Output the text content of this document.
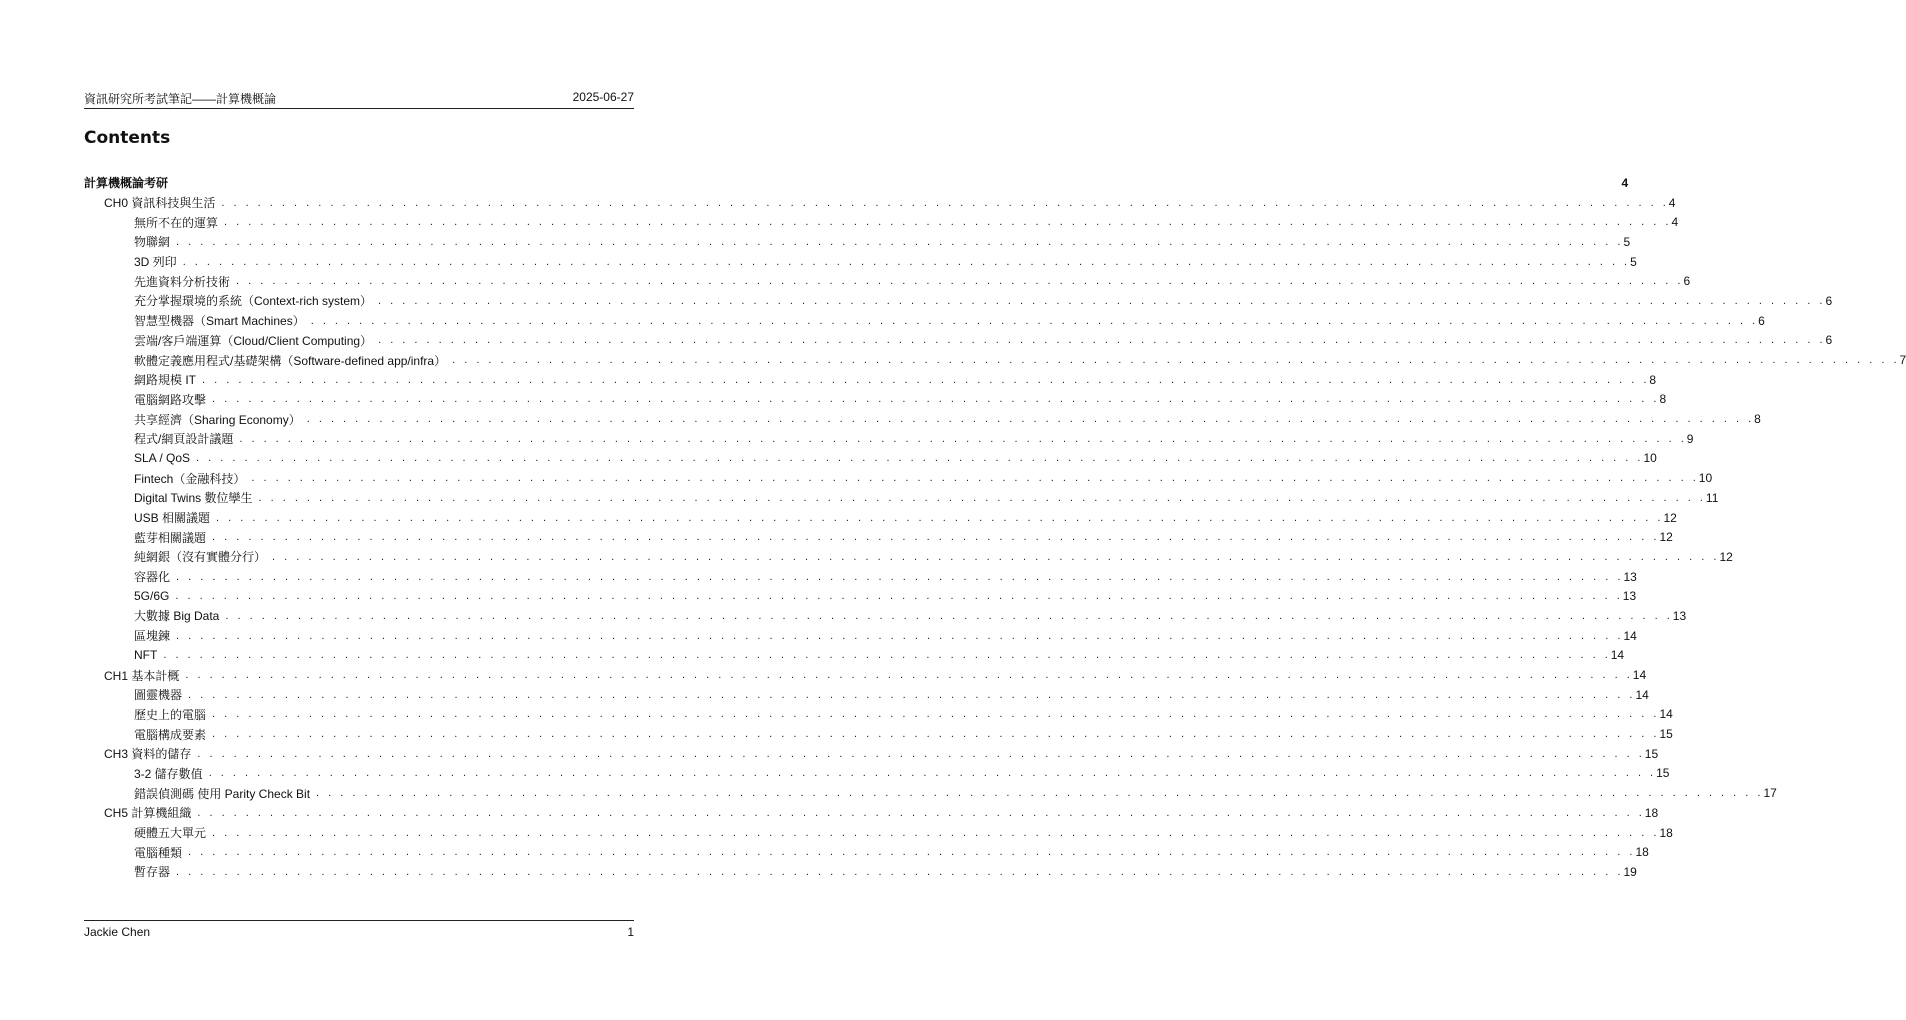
資訊研究所考試筆記——計算機概論	2025-06-27
Contents
計算機概論考研	4
CH0 資訊科技與生活 . . . . . . . . . . . . . . . . . . . . . . . . . . . . . . . . . . . . . . . . . . . . . . . . . . . . . . . . . . . . . . . . . . . . . . . . . . . . . . . . . . . . . . . . . . . . . . . . . . . . . . . . . . . . . . . . . . . . . . . . 4
無所不在的運算 . . . . . . . . . . . . . . . . . . . . . . . . . . . . . . . . . . . . . . . . . . . . . . . . . . . . . . . . . . . . . . . . . . . . . . . . . . . . . . . . . . . . . . . . . . . . . . . . . . . . . . . . . . . . . . . . . . . . . . . . 4
物聯網 . . . . . . . . . . . . . . . . . . . . . . . . . . . . . . . . . . . . . . . . . . . . . . . . . . . . . . . . . . . . . . . . . . . . . . . . . . . . . . . . . . . . . . . . . . . . . . . . . . . . . . . . . . . . . . . . . . . . . . . . 5
3D 列印 . . . . . . . . . . . . . . . . . . . . . . . . . . . . . . . . . . . . . . . . . . . . . . . . . . . . . . . . . . . . . . . . . . . . . . . . . . . . . . . . . . . . . . . . . . . . . . . . . . . . . . . . . . . . . . . . . . . . . . . . 5
先進資料分析技術 . . . . . . . . . . . . . . . . . . . . . . . . . . . . . . . . . . . . . . . . . . . . . . . . . . . . . . . . . . . . . . . . . . . . . . . . . . . . . . . . . . . . . . . . . . . . . . . . . . . . . . . . . . . . . . . . . . . . . . . . 6
充分掌握環境的系統（Context-rich system） . . . . . . . . . . . . . . . . . . . . . . . . . . . . . . . . . . . . . . . . . . . . . . . . . . . . . . . . . . . . . . . . . . . . . . . . . . . . . . . . . . . . . . . . . . . . . . . . . . . . . . . . . . . . . . . . . . . . . . . . 6
智慧型機器（Smart Machines） . . . . . . . . . . . . . . . . . . . . . . . . . . . . . . . . . . . . . . . . . . . . . . . . . . . . . . . . . . . . . . . . . . . . . . . . . . . . . . . . . . . . . . . . . . . . . . . . . . . . . . . . . . . . . . . . . . . . . . . . 6
雲端/客戶端運算（Cloud/Client Computing） . . . . . . . . . . . . . . . . . . . . . . . . . . . . . . . . . . . . . . . . . . . . . . . . . . . . . . . . . . . . . . . . . . . . . . . . . . . . . . . . . . . . . . . . . . . . . . . . . . . . . . . . . . . . . . . . . . . . . . . . 6
軟體定義應用程式/基礎架構（Software-defined app/infra） . . . . . . . . . . . . . . . . . . . . . . . . . . . . . . . . . . . . . . . . . . . . . . . . . . . . . . . . . . . . . . . . . . . . . . . . . . . . . . . . . . . . . . . . . . . . . . . . . . . . . . . . . . . . . . . . . . . . . . . . 7
網路規模 IT . . . . . . . . . . . . . . . . . . . . . . . . . . . . . . . . . . . . . . . . . . . . . . . . . . . . . . . . . . . . . . . . . . . . . . . . . . . . . . . . . . . . . . . . . . . . . . . . . . . . . . . . . . . . . . . . . . . . . . . . 8
電腦網路攻擊 . . . . . . . . . . . . . . . . . . . . . . . . . . . . . . . . . . . . . . . . . . . . . . . . . . . . . . . . . . . . . . . . . . . . . . . . . . . . . . . . . . . . . . . . . . . . . . . . . . . . . . . . . . . . . . . . . . . . . . . . 8
共享經濟（Sharing Economy） . . . . . . . . . . . . . . . . . . . . . . . . . . . . . . . . . . . . . . . . . . . . . . . . . . . . . . . . . . . . . . . . . . . . . . . . . . . . . . . . . . . . . . . . . . . . . . . . . . . . . . . . . . . . . . . . . . . . . . . . 8
程式/網頁設計議題 . . . . . . . . . . . . . . . . . . . . . . . . . . . . . . . . . . . . . . . . . . . . . . . . . . . . . . . . . . . . . . . . . . . . . . . . . . . . . . . . . . . . . . . . . . . . . . . . . . . . . . . . . . . . . . . . . . . . . . . . 9
SLA / QoS . . . . . . . . . . . . . . . . . . . . . . . . . . . . . . . . . . . . . . . . . . . . . . . . . . . . . . . . . . . . . . . . . . . . . . . . . . . . . . . . . . . . . . . . . . . . . . . . . . . . . . . . . . . . . . . . . . . . . . . . 10
Fintech（金融科技） . . . . . . . . . . . . . . . . . . . . . . . . . . . . . . . . . . . . . . . . . . . . . . . . . . . . . . . . . . . . . . . . . . . . . . . . . . . . . . . . . . . . . . . . . . . . . . . . . . . . . . . . . . . . . . . . . . . . . . . . 10
Digital Twins 數位孿生 . . . . . . . . . . . . . . . . . . . . . . . . . . . . . . . . . . . . . . . . . . . . . . . . . . . . . . . . . . . . . . . . . . . . . . . . . . . . . . . . . . . . . . . . . . . . . . . . . . . . . . . . . . . . . . . . . . . . . . . . 11
USB 相關議題 . . . . . . . . . . . . . . . . . . . . . . . . . . . . . . . . . . . . . . . . . . . . . . . . . . . . . . . . . . . . . . . . . . . . . . . . . . . . . . . . . . . . . . . . . . . . . . . . . . . . . . . . . . . . . . . . . . . . . . . . 12
藍芽相關議題 . . . . . . . . . . . . . . . . . . . . . . . . . . . . . . . . . . . . . . . . . . . . . . . . . . . . . . . . . . . . . . . . . . . . . . . . . . . . . . . . . . . . . . . . . . . . . . . . . . . . . . . . . . . . . . . . . . . . . . . . 12
純網銀（沒有實體分行） . . . . . . . . . . . . . . . . . . . . . . . . . . . . . . . . . . . . . . . . . . . . . . . . . . . . . . . . . . . . . . . . . . . . . . . . . . . . . . . . . . . . . . . . . . . . . . . . . . . . . . . . . . . . . . . . . . . . . . . . 12
容器化 . . . . . . . . . . . . . . . . . . . . . . . . . . . . . . . . . . . . . . . . . . . . . . . . . . . . . . . . . . . . . . . . . . . . . . . . . . . . . . . . . . . . . . . . . . . . . . . . . . . . . . . . . . . . . . . . . . . . . . . . 13
5G/6G . . . . . . . . . . . . . . . . . . . . . . . . . . . . . . . . . . . . . . . . . . . . . . . . . . . . . . . . . . . . . . . . . . . . . . . . . . . . . . . . . . . . . . . . . . . . . . . . . . . . . . . . . . . . . . . . . . . . . . . . 13
大數據 Big Data . . . . . . . . . . . . . . . . . . . . . . . . . . . . . . . . . . . . . . . . . . . . . . . . . . . . . . . . . . . . . . . . . . . . . . . . . . . . . . . . . . . . . . . . . . . . . . . . . . . . . . . . . . . . . . . . . . . . . . . . 13
區塊鍊 . . . . . . . . . . . . . . . . . . . . . . . . . . . . . . . . . . . . . . . . . . . . . . . . . . . . . . . . . . . . . . . . . . . . . . . . . . . . . . . . . . . . . . . . . . . . . . . . . . . . . . . . . . . . . . . . . . . . . . . . 14
NFT . . . . . . . . . . . . . . . . . . . . . . . . . . . . . . . . . . . . . . . . . . . . . . . . . . . . . . . . . . . . . . . . . . . . . . . . . . . . . . . . . . . . . . . . . . . . . . . . . . . . . . . . . . . . . . . . . . . . . . . . 14
CH1 基本計概 . . . . . . . . . . . . . . . . . . . . . . . . . . . . . . . . . . . . . . . . . . . . . . . . . . . . . . . . . . . . . . . . . . . . . . . . . . . . . . . . . . . . . . . . . . . . . . . . . . . . . . . . . . . . . . . . . . . . . . . . 14
圖靈機器 . . . . . . . . . . . . . . . . . . . . . . . . . . . . . . . . . . . . . . . . . . . . . . . . . . . . . . . . . . . . . . . . . . . . . . . . . . . . . . . . . . . . . . . . . . . . . . . . . . . . . . . . . . . . . . . . . . . . . . . . 14
歷史上的電腦 . . . . . . . . . . . . . . . . . . . . . . . . . . . . . . . . . . . . . . . . . . . . . . . . . . . . . . . . . . . . . . . . . . . . . . . . . . . . . . . . . . . . . . . . . . . . . . . . . . . . . . . . . . . . . . . . . . . . . . . . 14
電腦構成要素 . . . . . . . . . . . . . . . . . . . . . . . . . . . . . . . . . . . . . . . . . . . . . . . . . . . . . . . . . . . . . . . . . . . . . . . . . . . . . . . . . . . . . . . . . . . . . . . . . . . . . . . . . . . . . . . . . . . . . . . . 15
CH3 資料的儲存 . . . . . . . . . . . . . . . . . . . . . . . . . . . . . . . . . . . . . . . . . . . . . . . . . . . . . . . . . . . . . . . . . . . . . . . . . . . . . . . . . . . . . . . . . . . . . . . . . . . . . . . . . . . . . . . . . . . . . . . . 15
3-2 儲存數值 . . . . . . . . . . . . . . . . . . . . . . . . . . . . . . . . . . . . . . . . . . . . . . . . . . . . . . . . . . . . . . . . . . . . . . . . . . . . . . . . . . . . . . . . . . . . . . . . . . . . . . . . . . . . . . . . . . . . . . . . 15
錯誤偵測碼 使用 Parity Check Bit . . . . . . . . . . . . . . . . . . . . . . . . . . . . . . . . . . . . . . . . . . . . . . . . . . . . . . . . . . . . . . . . . . . . . . . . . . . . . . . . . . . . . . . . . . . . . . . . . . . . . . . . . . . . . . . . . . . . . . . . 17
CH5 計算機組織 . . . . . . . . . . . . . . . . . . . . . . . . . . . . . . . . . . . . . . . . . . . . . . . . . . . . . . . . . . . . . . . . . . . . . . . . . . . . . . . . . . . . . . . . . . . . . . . . . . . . . . . . . . . . . . . . . . . . . . . . 18
硬體五大單元 . . . . . . . . . . . . . . . . . . . . . . . . . . . . . . . . . . . . . . . . . . . . . . . . . . . . . . . . . . . . . . . . . . . . . . . . . . . . . . . . . . . . . . . . . . . . . . . . . . . . . . . . . . . . . . . . . . . . . . . . 18
電腦種類 . . . . . . . . . . . . . . . . . . . . . . . . . . . . . . . . . . . . . . . . . . . . . . . . . . . . . . . . . . . . . . . . . . . . . . . . . . . . . . . . . . . . . . . . . . . . . . . . . . . . . . . . . . . . . . . . . . . . . . . . 18
暫存器 . . . . . . . . . . . . . . . . . . . . . . . . . . . . . . . . . . . . . . . . . . . . . . . . . . . . . . . . . . . . . . . . . . . . . . . . . . . . . . . . . . . . . . . . . . . . . . . . . . . . . . . . . . . . . . . . . . . . . . . . 19
Jackie Chen	1
